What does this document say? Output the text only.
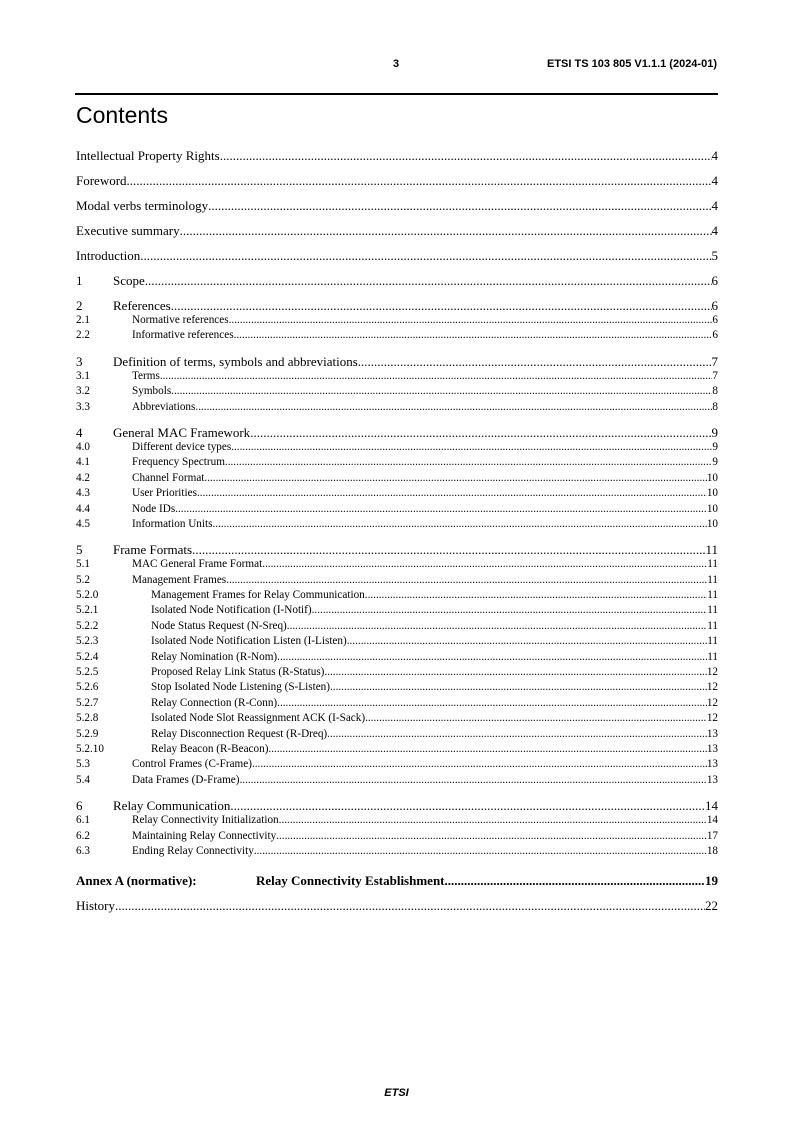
3	ETSI TS 103 805 V1.1.1 (2024-01)
Contents
Intellectual Property Rights .....	4
Foreword .....	4
Modal verbs terminology .....	4
Executive summary .....	4
Introduction .....	5
1	Scope .....	6
2	References .....	6
2.1	Normative references .....	6
2.2	Informative references .....	6
3	Definition of terms, symbols and abbreviations .....	7
3.1	Terms .....	7
3.2	Symbols .....	8
3.3	Abbreviations .....	8
4	General MAC Framework .....	9
4.0	Different device types .....	9
4.1	Frequency Spectrum .....	9
4.2	Channel Format .....	10
4.3	User Priorities .....	10
4.4	Node IDs .....	10
4.5	Information Units .....	10
5	Frame Formats .....	11
5.1	MAC General Frame Format .....	11
5.2	Management Frames .....	11
5.2.0	Management Frames for Relay Communication .....	11
5.2.1	Isolated Node Notification (I-Notif) .....	11
5.2.2	Node Status Request (N-Sreq) .....	11
5.2.3	Isolated Node Notification Listen (I-Listen) .....	11
5.2.4	Relay Nomination (R-Nom) .....	11
5.2.5	Proposed Relay Link Status (R-Status) .....	12
5.2.6	Stop Isolated Node Listening (S-Listen) .....	12
5.2.7	Relay Connection (R-Conn) .....	12
5.2.8	Isolated Node Slot Reassignment ACK (I-Sack) .....	12
5.2.9	Relay Disconnection Request (R-Dreq) .....	13
5.2.10	Relay Beacon (R-Beacon) .....	13
5.3	Control Frames (C-Frame) .....	13
5.4	Data Frames (D-Frame) .....	13
6	Relay Communication .....	14
6.1	Relay Connectivity Initialization .....	14
6.2	Maintaining Relay Connectivity .....	17
6.3	Ending Relay Connectivity .....	18
Annex A (normative):	Relay Connectivity Establishment .....	19
History .....	22
ETSI
